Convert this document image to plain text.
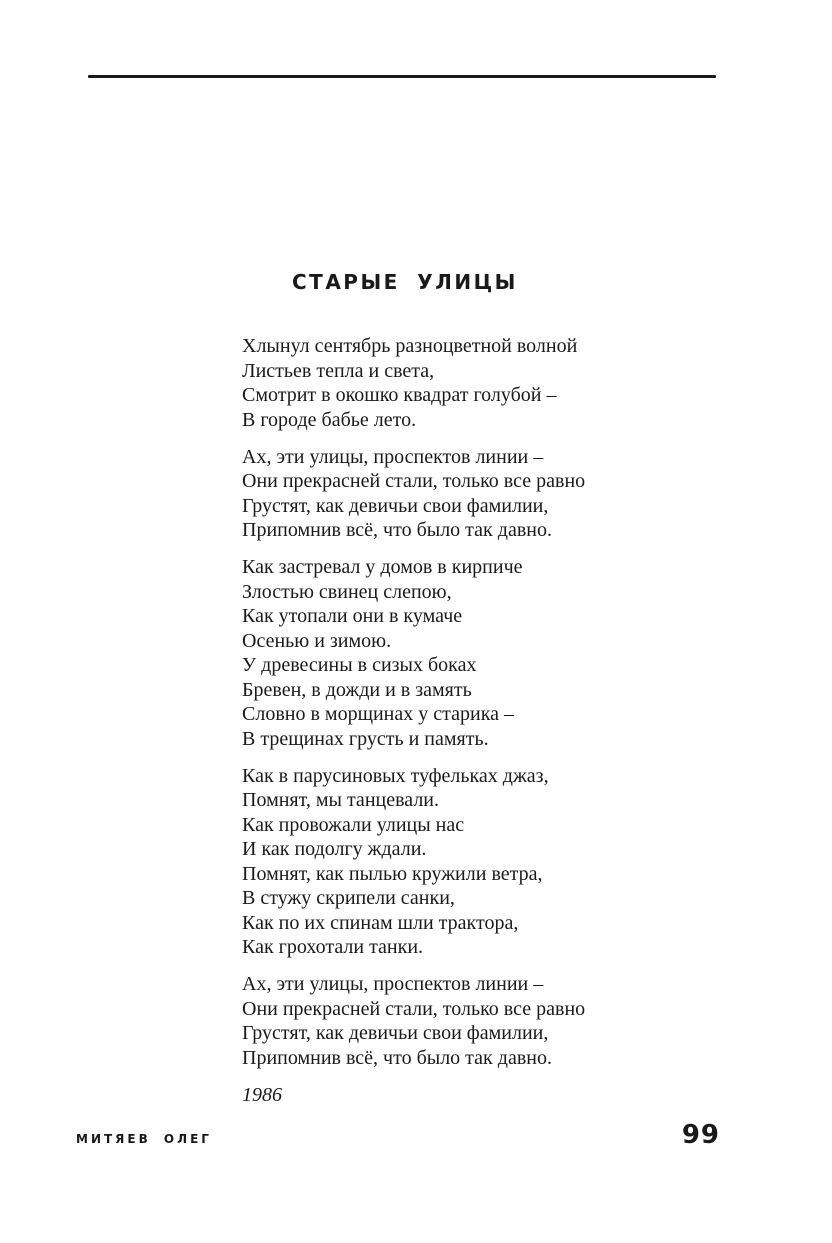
СТАРЫЕ УЛИЦЫ
Хлынул сентябрь разноцветной волной
Листьев тепла и света,
Смотрит в окошко квадрат голубой –
В городе бабье лето.
Ах, эти улицы, проспектов линии –
Они прекрасней стали, только все равно
Грустят, как девичьи свои фамилии,
Припомнив всё, что было так давно.
Как застревал у домов в кирпиче
Злостью свинец слепою,
Как утопали они в кумаче
Осенью и зимою.
У древесины в сизых боках
Бревен, в дожди и в замять
Словно в морщинах у старика –
В трещинах грусть и память.
Как в парусиновых туфельках джаз,
Помнят, мы танцевали.
Как провожали улицы нас
И как подолгу ждали.
Помнят, как пылью кружили ветра,
В стужу скрипели санки,
Как по их спинам шли трактора,
Как грохотали танки.
Ах, эти улицы, проспектов линии –
Они прекрасней стали, только все равно
Грустят, как девичьи свои фамилии,
Припомнив всё, что было так давно.

1986

МИТЯЕВ ОЛЕГ	99
